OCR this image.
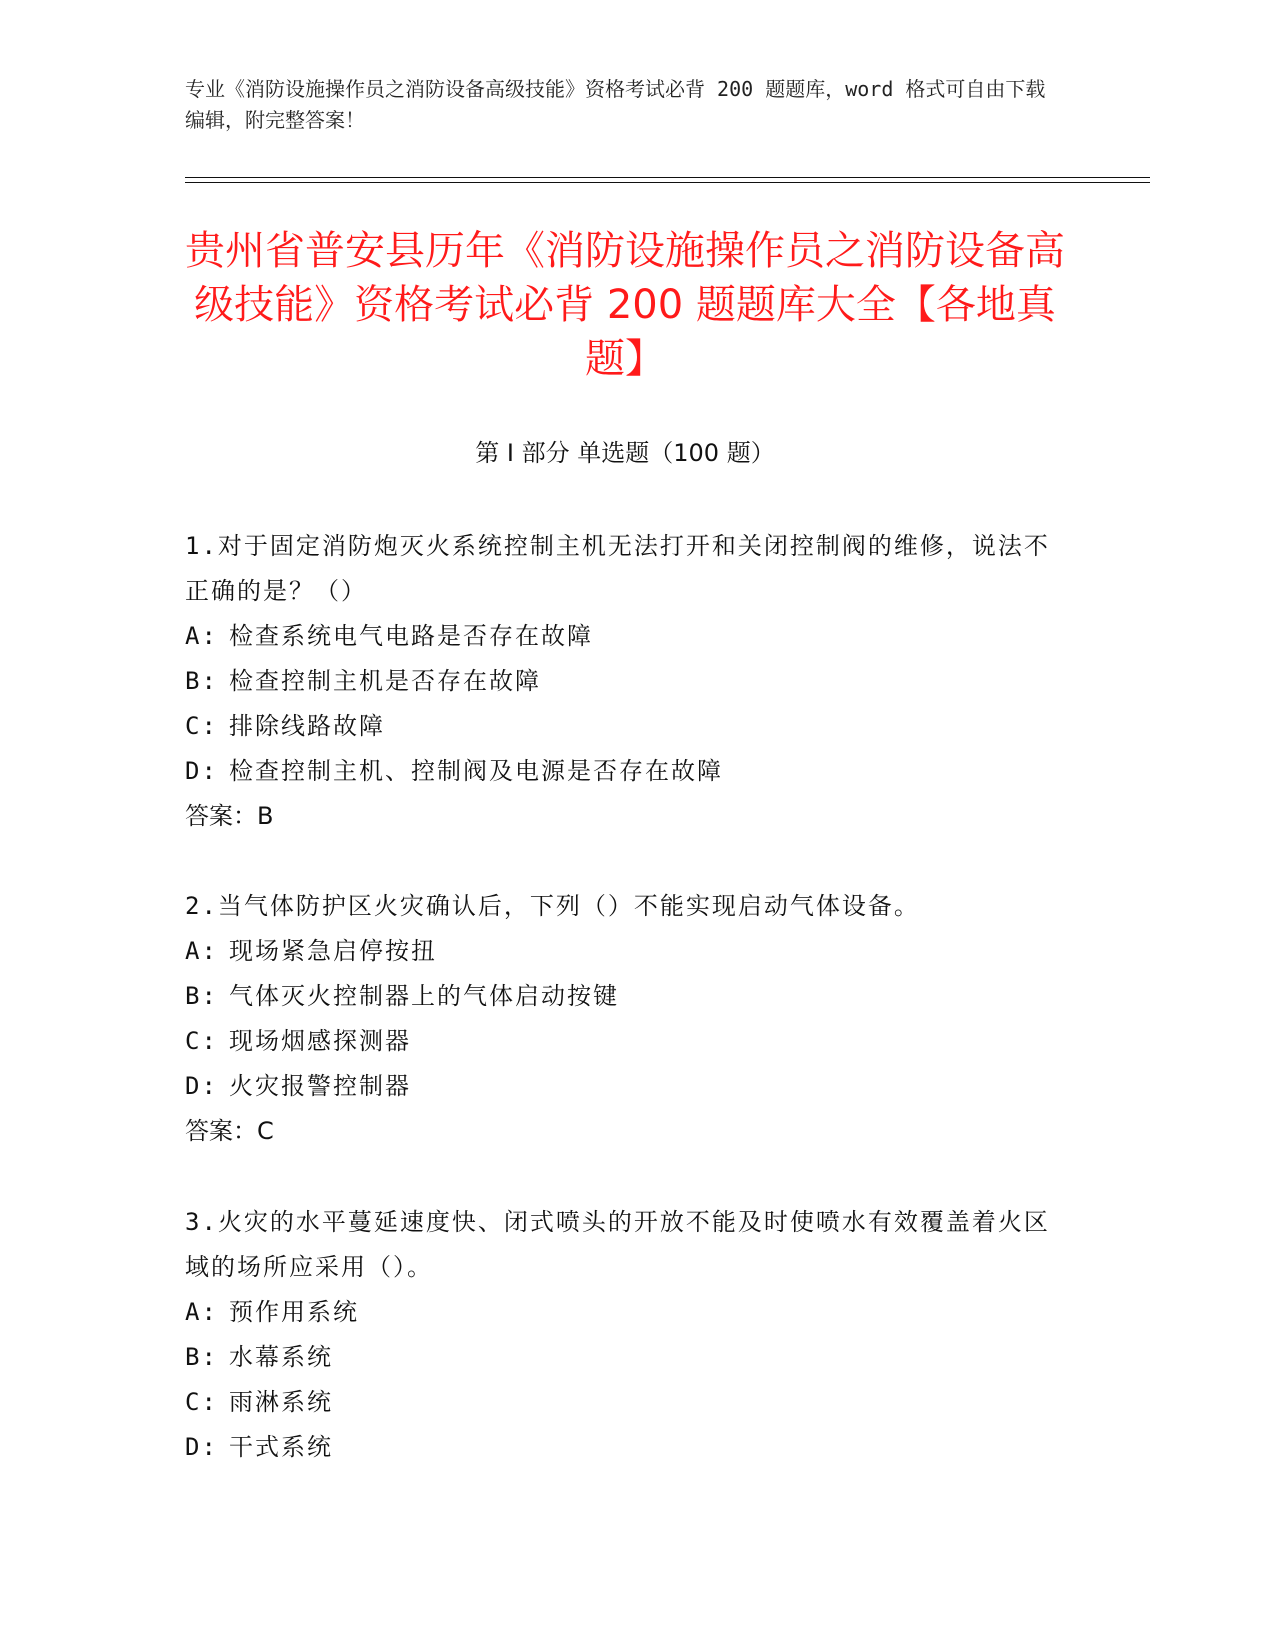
专业《消防设施操作员之消防设备高级技能》资格考试必背 200 题题库，word 格式可自由下载编辑，附完整答案！
贵州省普安县历年《消防设施操作员之消防设备高级技能》资格考试必背 200 题题库大全【各地真题】
第 I 部分 单选题（100 题）
1.对于固定消防炮灭火系统控制主机无法打开和关闭控制阀的维修，说法不正确的是？（）
A: 检查系统电气电路是否存在故障
B: 检查控制主机是否存在故障
C: 排除线路故障
D: 检查控制主机、控制阀及电源是否存在故障
答案：B
2.当气体防护区火灾确认后，下列（）不能实现启动气体设备。
A: 现场紧急启停按扭
B: 气体灭火控制器上的气体启动按键
C: 现场烟感探测器
D: 火灾报警控制器
答案：C
3.火灾的水平蔓延速度快、闭式喷头的开放不能及时使喷水有效覆盖着火区域的场所应采用（）。
A: 预作用系统
B: 水幕系统
C: 雨淋系统
D: 干式系统
